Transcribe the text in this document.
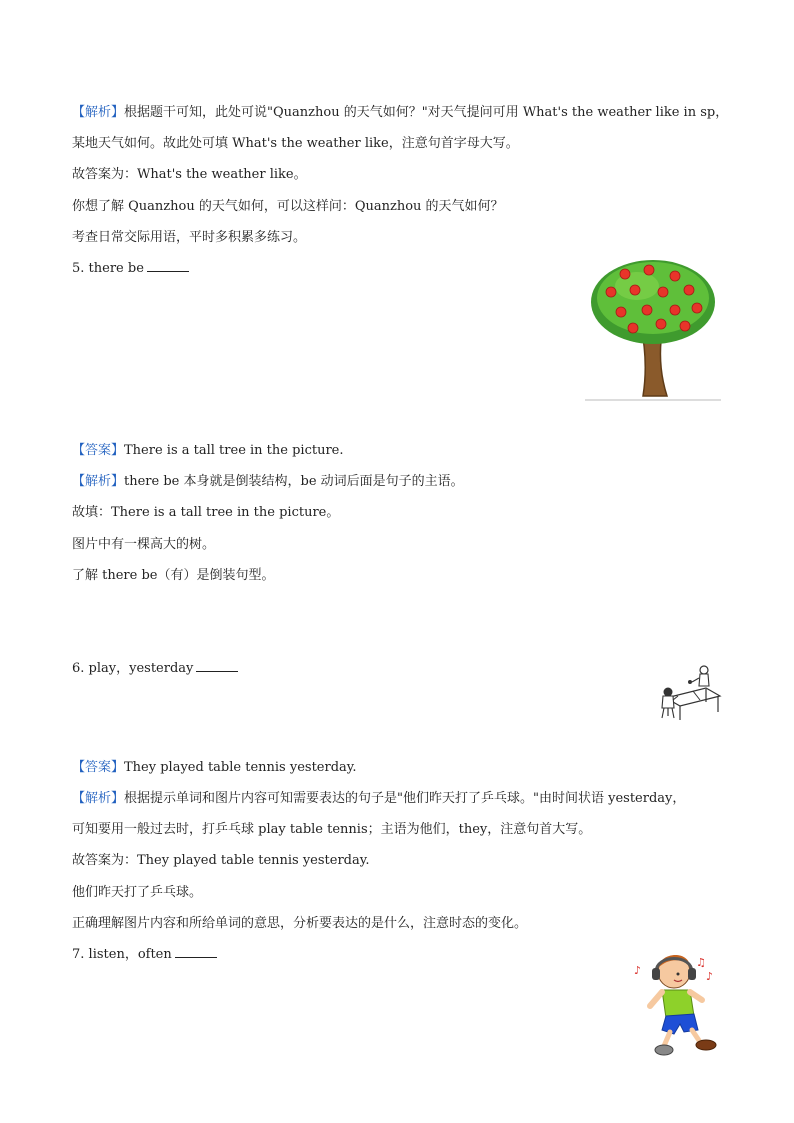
【解析】根据题干可知，此处可说"Quanzhou 的天气如何？"对天气提问可用 What's the weather like in sp，
某地天气如何。故此处可填 What's the weather like，注意句首字母大写。
故答案为：What's the weather like。
你想了解 Quanzhou 的天气如何，可以这样问：Quanzhou 的天气如何？
考查日常交际用语，平时多积累多练习。
5. there be
【答案】There is a tall tree in the picture.
【解析】there be 本身就是倒装结构，be 动词后面是句子的主语。
故填：There is a tall tree in the picture。
图片中有一棵高大的树。
了解 there be（有）是倒装句型。
6. play，yesterday
【答案】They played table tennis yesterday.
【解析】根据提示单词和图片内容可知需要表达的句子是"他们昨天打了乒乓球。"由时间状语 yesterday，
可知要用一般过去时，打乒乓球 play table tennis；主语为他们，they，注意句首大写。
故答案为：They played table tennis yesterday.
他们昨天打了乒乓球。
正确理解图片内容和所给单词的意思，分析要表达的是什么，注意时态的变化。
7. listen，often
♪
♫
♪
